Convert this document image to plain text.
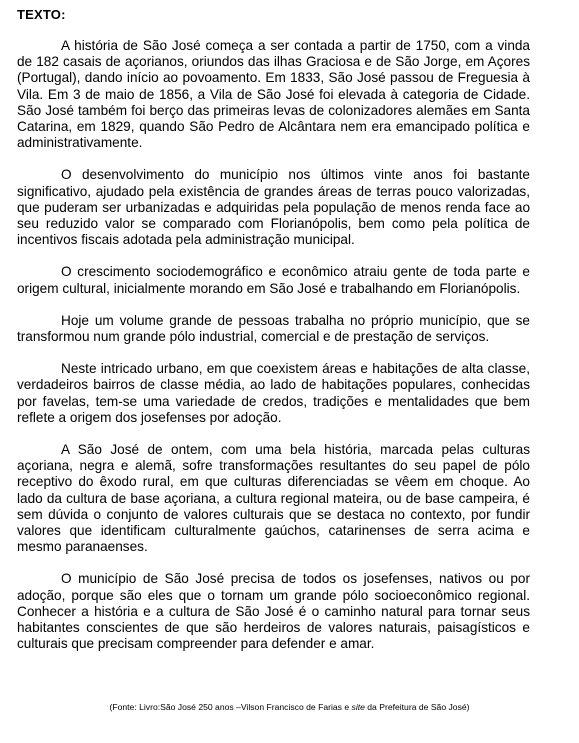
TEXTO:

A história de São José começa a ser contada a partir de 1750, com a vinda de 182 casais de açorianos, oriundos das ilhas Graciosa e de São Jorge, em Açores (Portugal), dando início ao povoamento. Em 1833, São José passou de Freguesia à Vila. Em 3 de maio de 1856, a Vila de São José foi elevada à categoria de Cidade. São José também foi berço das primeiras levas de colonizadores alemães em Santa Catarina, em 1829, quando São Pedro de Alcântara nem era emancipado política e administrativamente.

O desenvolvimento do município nos últimos vinte anos foi bastante significativo, ajudado pela existência de grandes áreas de terras pouco valorizadas, que puderam ser urbanizadas e adquiridas pela população de menos renda face ao seu reduzido valor se comparado com Florianópolis, bem como pela política de incentivos fiscais adotada pela administração municipal.

O crescimento sociodemográfico e econômico atraiu gente de toda parte e origem cultural, inicialmente morando em São José e trabalhando em Florianópolis.

Hoje um volume grande de pessoas trabalha no próprio município, que se transformou num grande pólo industrial, comercial e de prestação de serviços.

Neste intricado urbano, em que coexistem áreas e habitações de alta classe, verdadeiros bairros de classe média, ao lado de habitações populares, conhecidas por favelas, tem-se uma variedade de credos, tradições e mentalidades que bem reflete a origem dos josefenses por adoção.

A São José de ontem, com uma bela história, marcada pelas culturas açoriana, negra e alemã, sofre transformações resultantes do seu papel de pólo receptivo do êxodo rural, em que culturas diferenciadas se vêem em choque. Ao lado da cultura de base açoriana, a cultura regional mateira, ou de base campeira, é sem dúvida o conjunto de valores culturais que se destaca no contexto, por fundir valores que identificam culturalmente gaúchos, catarinenses de serra acima e mesmo paranaenses.

O município de São José precisa de todos os josefenses, nativos ou por adoção, porque são eles que o tornam um grande pólo socioeconômico regional. Conhecer a história e a cultura de São José é o caminho natural para tornar seus habitantes conscientes de que são herdeiros de valores naturais, paisagísticos e culturais que precisam compreender para defender e amar.

(Fonte: Livro:São José 250 anos –Vilson Francisco de Farias e site da Prefeitura de São José)
